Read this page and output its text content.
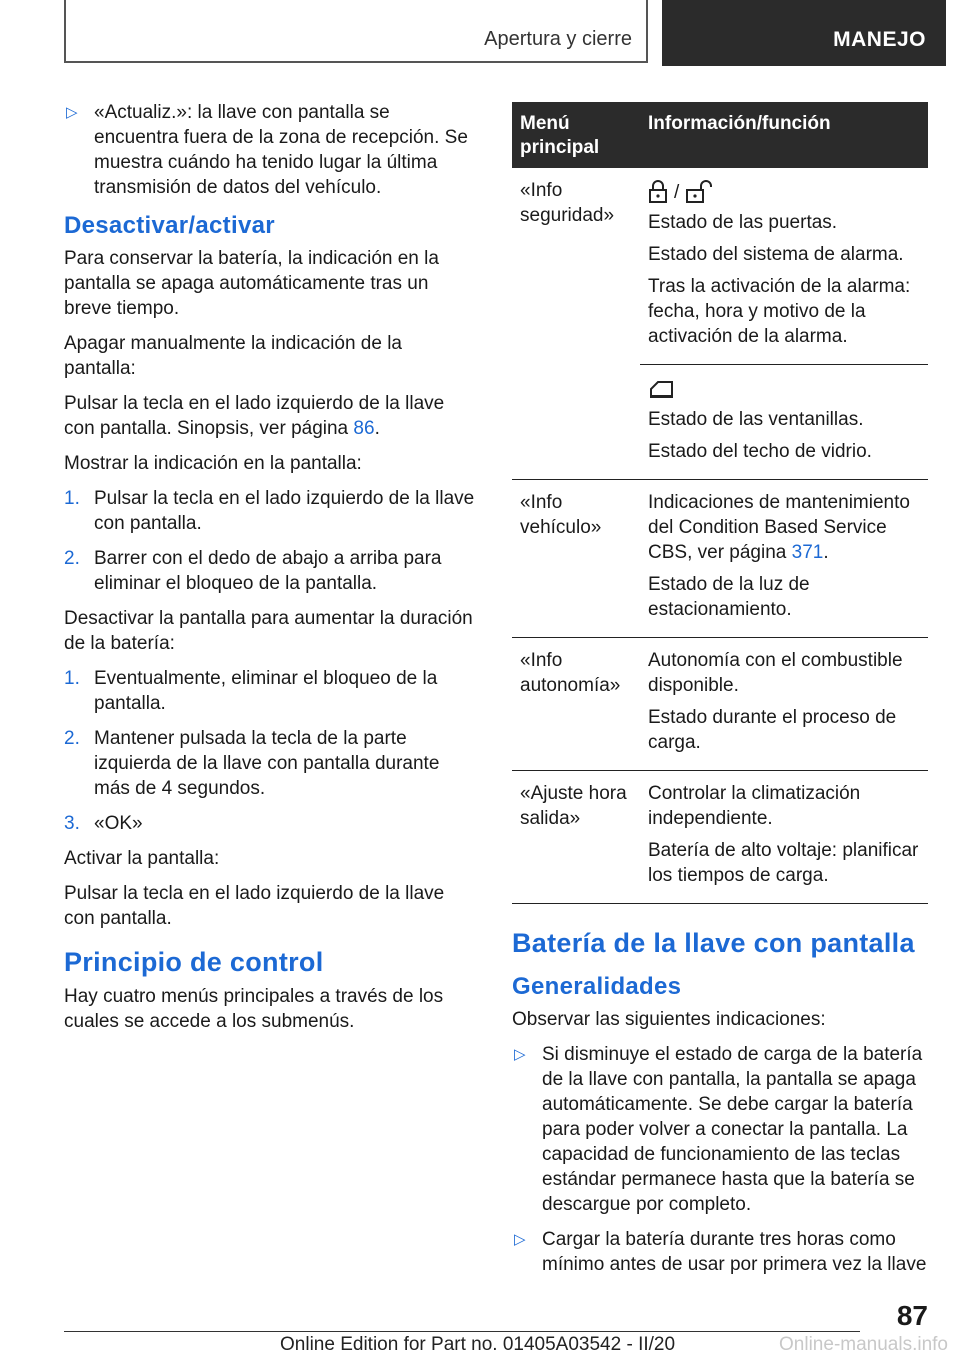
Apertura y cierre	MANEJO
▷ «Actualiz.»: la llave con pantalla se encuentra fuera de la zona de recepción. Se muestra cuándo ha tenido lugar la última transmisión de datos del vehículo.
Desactivar/activar

Para conservar la batería, la indicación en la pantalla se apaga automáticamente tras un breve tiempo.

Apagar manualmente la indicación de la pantalla:

Pulsar la tecla en el lado izquierdo de la llave con pantalla. Sinopsis, ver página 86.

Mostrar la indicación en la pantalla:

1. Pulsar la tecla en el lado izquierdo de la llave con pantalla.
2. Barrer con el dedo de abajo a arriba para eliminar el bloqueo de la pantalla.

Desactivar la pantalla para aumentar la duración de la batería:

1. Eventualmente, eliminar el bloqueo de la pantalla.
2. Mantener pulsada la tecla de la parte izquierda de la llave con pantalla durante más de 4 segundos.
3. «OK»

Activar la pantalla:

Pulsar la tecla en el lado izquierdo de la llave con pantalla.

Principio de control

Hay cuatro menús principales a través de los cuales se accede a los submenús.

Menú principal	Información/función
«Info seguridad»	/

Estado de las puertas.

Estado del sistema de alarma.

Tras la activación de la alarma: fecha, hora y motivo de la activación de la alarma.

	Estado de las ventanillas.

Estado del techo de vidrio.

«Info vehículo»	Indicaciones de mantenimiento del Condition Based Service CBS, ver página 371.

Estado de la luz de estacionamiento.

«Info autonomía»	Autonomía con el combustible disponible.

Estado durante el proceso de carga.

«Ajuste hora salida»	Controlar la climatización independiente.

Batería de alto voltaje: planificar los tiempos de carga.

Batería de la llave con pantalla
Generalidades

Observar las siguientes indicaciones:

▷ Si disminuye el estado de carga de la batería de la llave con pantalla, la pantalla se apaga automáticamente. Se debe cargar la batería para poder volver a conectar la pantalla. La capacidad de funcionamiento de las teclas estándar permanece hasta que la batería se descargue por completo.
▷ Cargar la batería durante tres horas como mínimo antes de usar por primera vez la llave
87
Online Edition for Part no. 01405A03542 - II/20	Online-manuals.info
